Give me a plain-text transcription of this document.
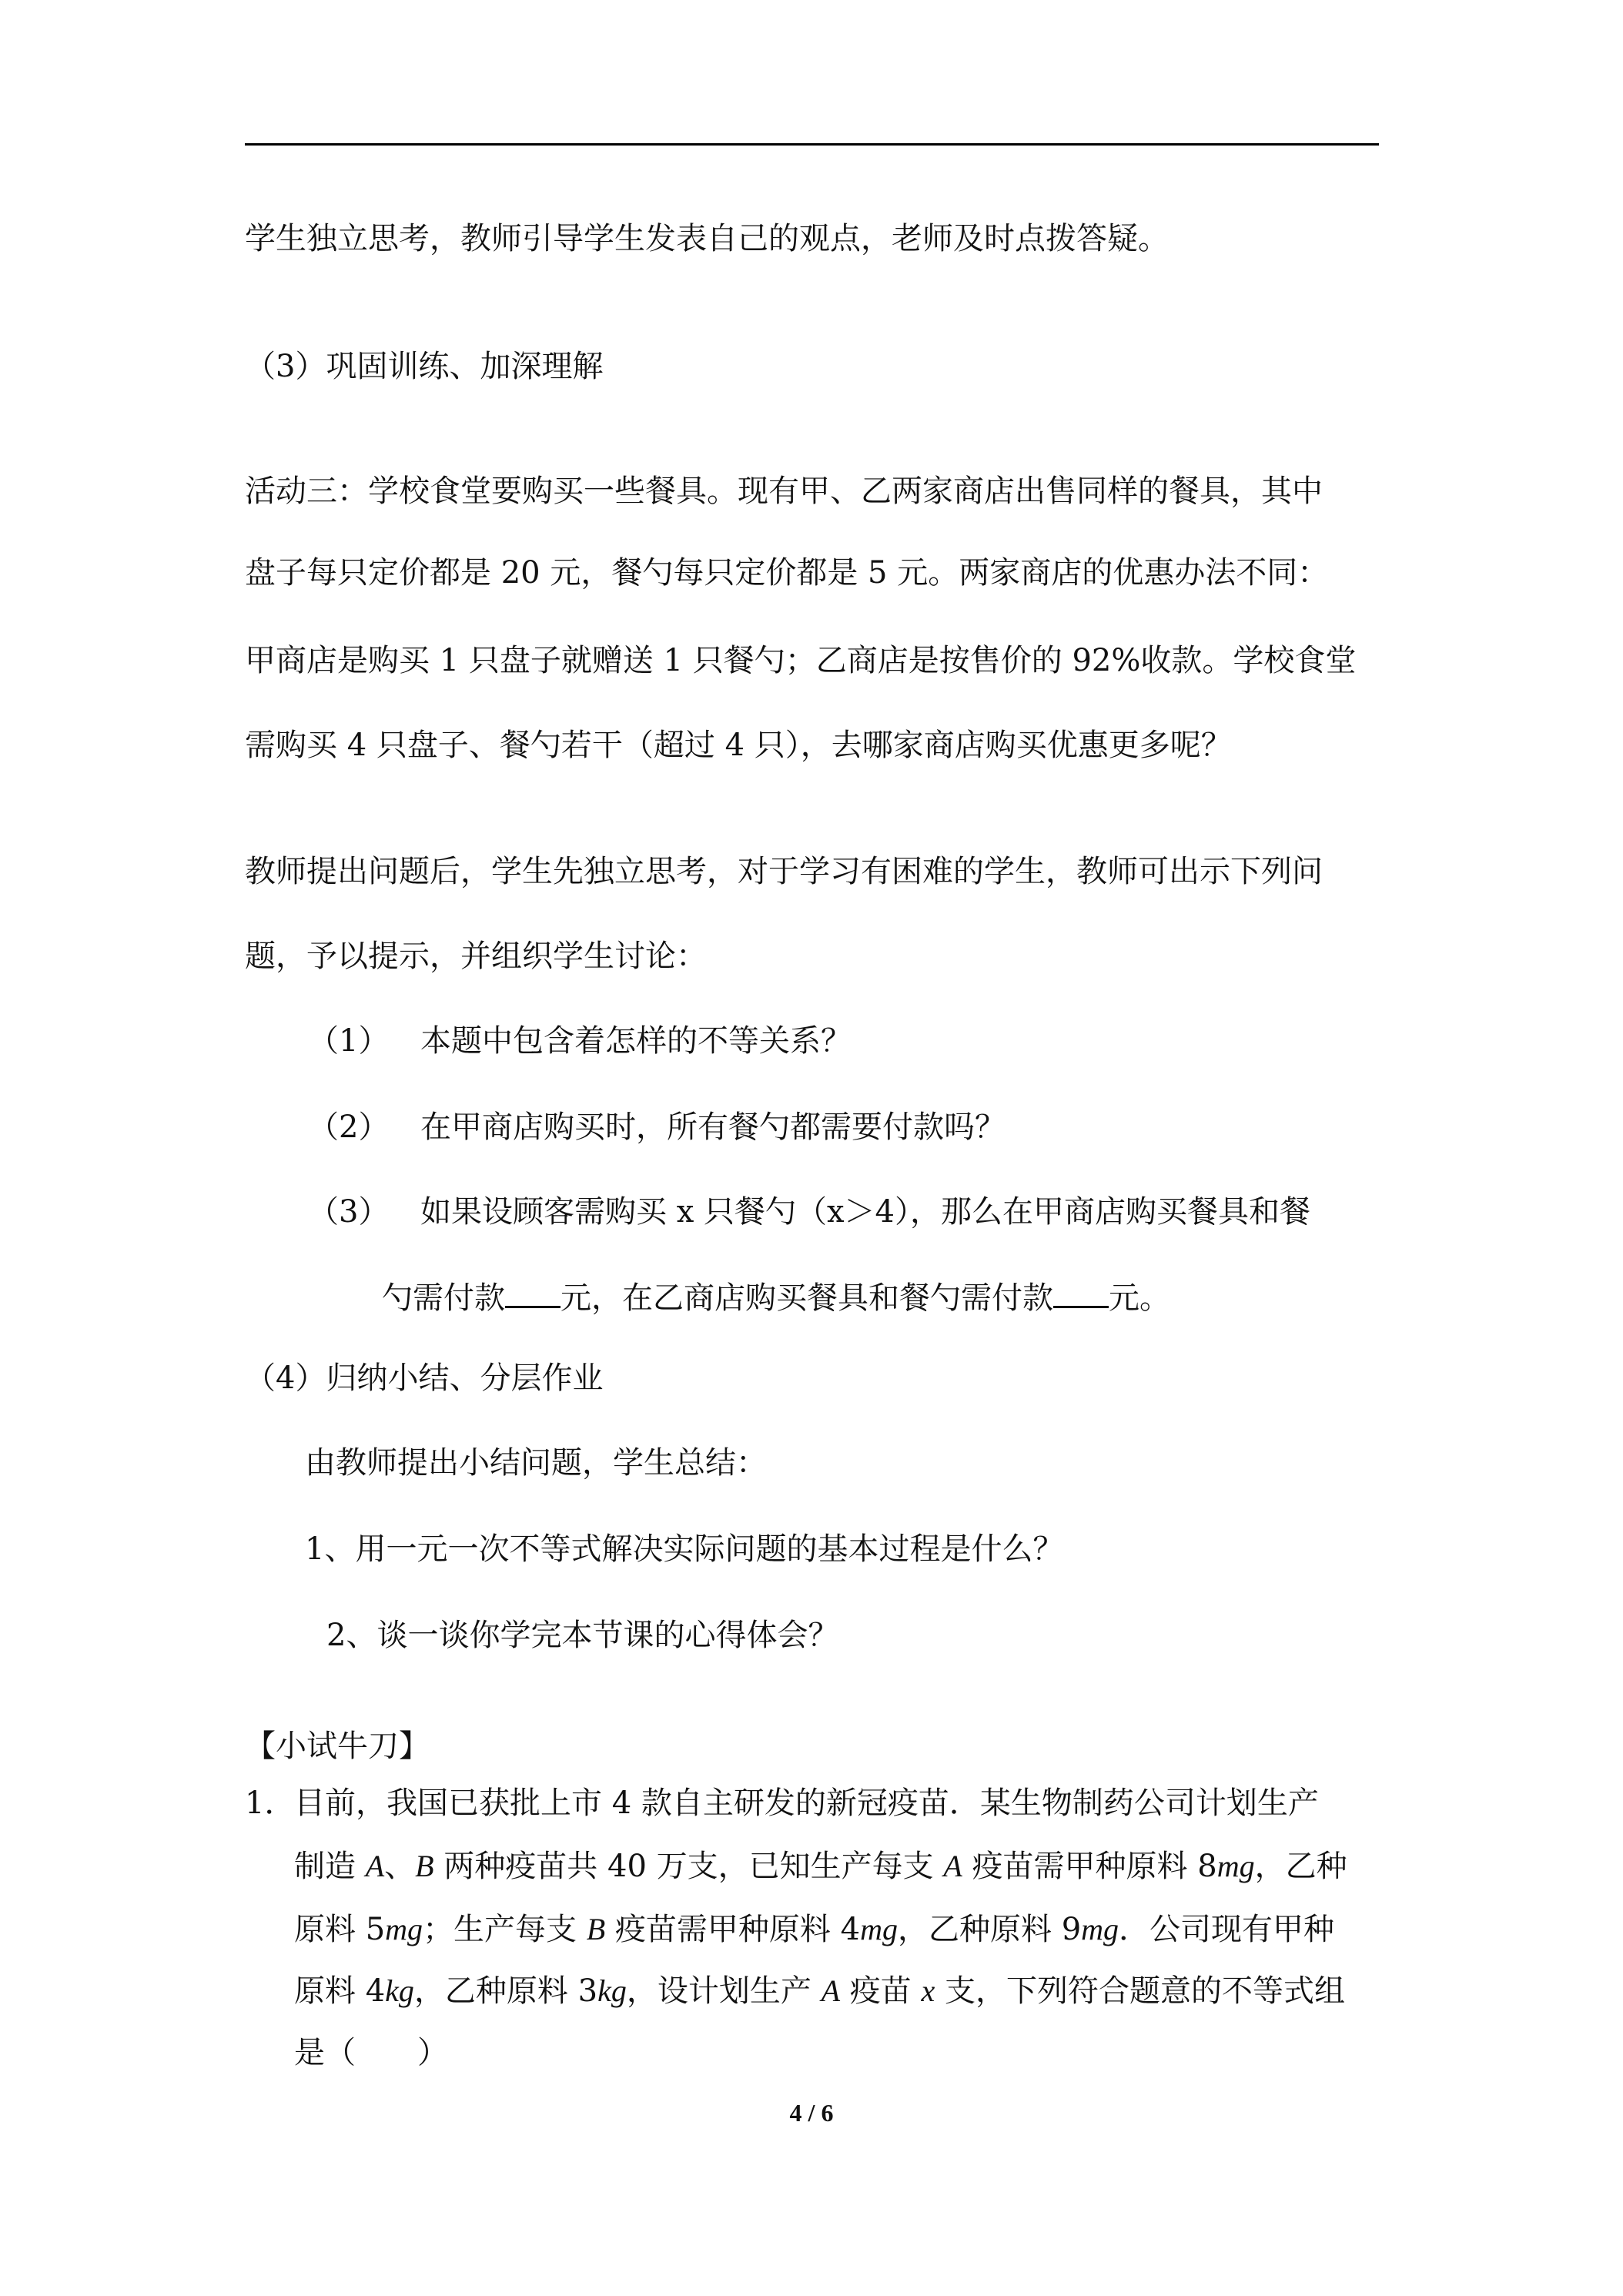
学生独立思考，教师引导学生发表自己的观点，老师及时点拨答疑。
（3）巩固训练、加深理解
活动三：学校食堂要购买一些餐具。现有甲、乙两家商店出售同样的餐具，其中
盘子每只定价都是 20 元，餐勺每只定价都是 5 元。两家商店的优惠办法不同：
甲商店是购买 1 只盘子就赠送 1 只餐勺；乙商店是按售价的 92%收款。学校食堂
需购买 4 只盘子、餐勺若干（超过 4 只），去哪家商店购买优惠更多呢？
教师提出问题后，学生先独立思考，对于学习有困难的学生，教师可出示下列问
题，予以提示，并组织学生讨论：
（1） 本题中包含着怎样的不等关系？
（2） 在甲商店购买时，所有餐勺都需要付款吗？
（3） 如果设顾客需购买 x 只餐勺（x＞4），那么在甲商店购买餐具和餐
勺需付款 元，在乙商店购买餐具和餐勺需付款 元。
（4）归纳小结、分层作业
由教师提出小结问题，学生总结：
1、用一元一次不等式解决实际问题的基本过程是什么？
2、谈一谈你学完本节课的心得体会？
【小试牛刀】
1．
目前，我国已获批上市 4 款自主研发的新冠疫苗．某生物制药公司计划生产
制造 A、B 两种疫苗共 40 万支，已知生产每支 A 疫苗需甲种原料 8mg，乙种
原料 5mg；生产每支 B 疫苗需甲种原料 4mg，乙种原料 9mg．公司现有甲种
原料 4kg，乙种原料 3kg，设计划生产 A 疫苗 x 支，下列符合题意的不等式组
是（　　）
4 / 6
